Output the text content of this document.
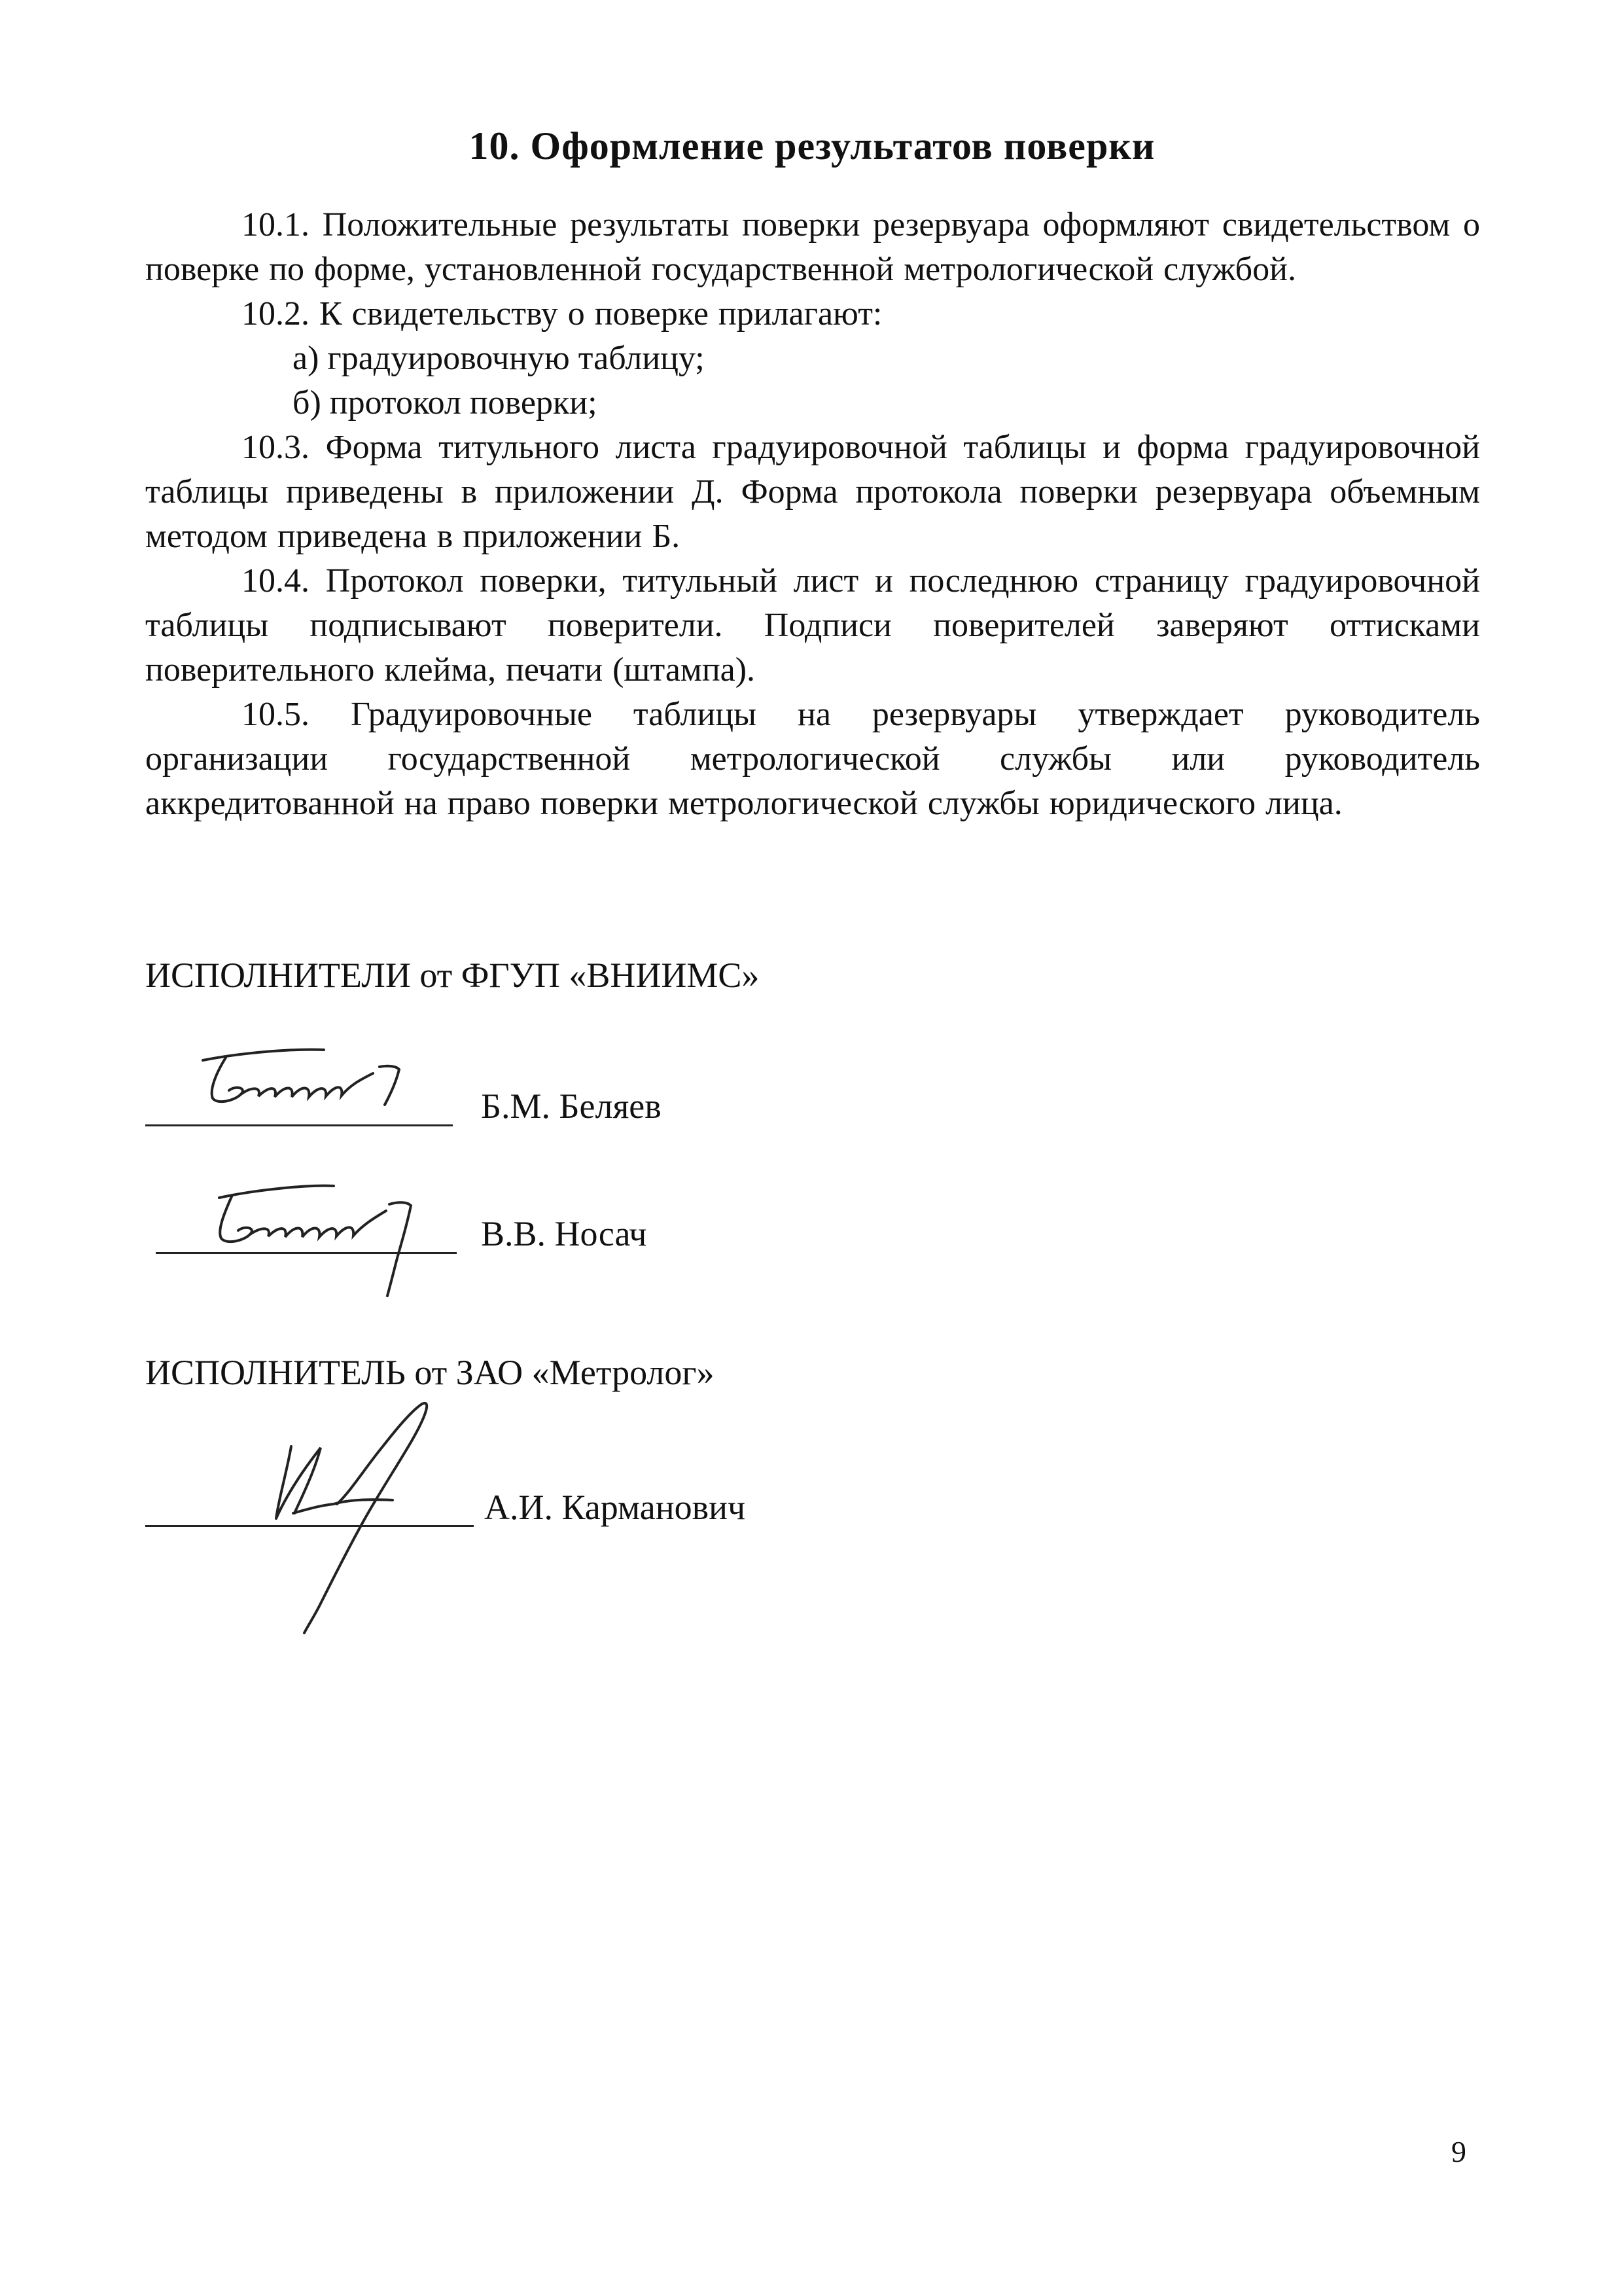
10. Оформление результатов поверки

10.1. Положительные результаты поверки резервуара оформляют свидетельством о поверке по форме, установленной государственной метрологической службой.

10.2. К свидетельству о поверке прилагают:

а) градуировочную таблицу;

б) протокол поверки;

10.3. Форма титульного листа градуировочной таблицы и форма градуировочной таблицы приведены в приложении Д. Форма протокола поверки резервуара объемным методом приведена в приложении Б.

10.4. Протокол поверки, титульный лист и последнюю страницу градуировочной таблицы подписывают поверители. Подписи поверителей заверяют оттисками поверительного клейма, печати (штампа).

10.5. Градуировочные таблицы на резервуары утверждает руководитель организации государственной метрологической службы или руководитель аккредитованной на право поверки метрологической службы юридического лица.

ИСПОЛНИТЕЛИ от ФГУП «ВНИИМС»
Б.М. Беляев
В.В. Носач
ИСПОЛНИТЕЛЬ от ЗАО «Метролог»
А.И. Карманович
9
